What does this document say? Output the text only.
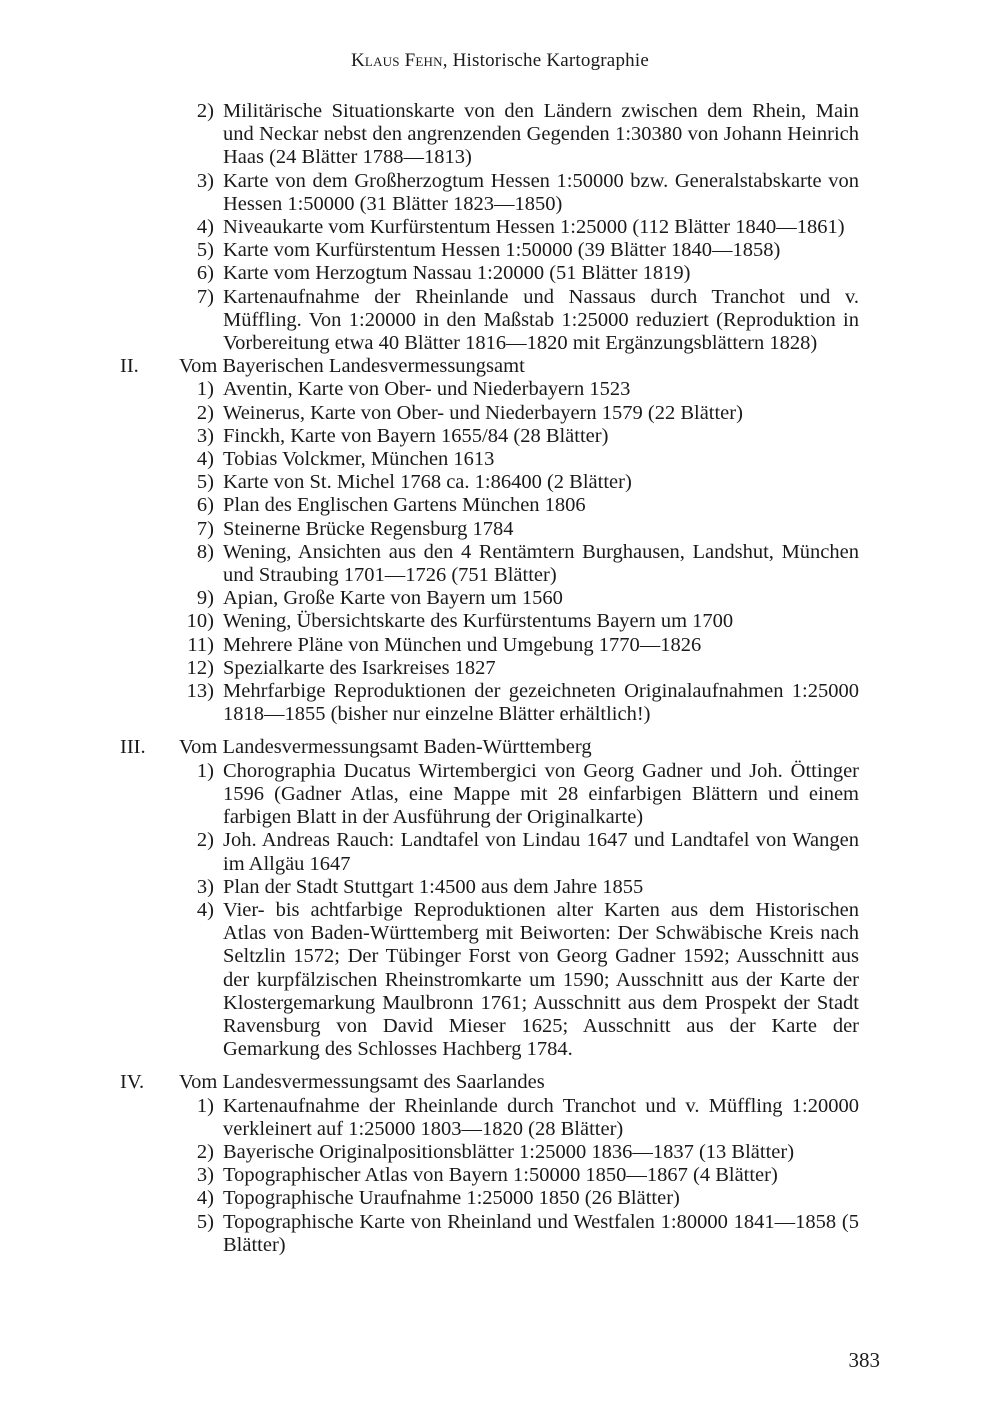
Klaus Fehn, Historische Kartographie
2) Militärische Situationskarte von den Ländern zwischen dem Rhein, Main und Neckar nebst den angrenzenden Gegenden 1:30380 von Johann Heinrich Haas (24 Blätter 1788—1813)
3) Karte von dem Großherzogtum Hessen 1:50000 bzw. Generalstabskarte von Hessen 1:50000 (31 Blätter 1823—1850)
4) Niveaukarte vom Kurfürstentum Hessen 1:25000 (112 Blätter 1840—1861)
5) Karte vom Kurfürstentum Hessen 1:50000 (39 Blätter 1840—1858)
6) Karte vom Herzogtum Nassau 1:20000 (51 Blätter 1819)
7) Kartenaufnahme der Rheinlande und Nassaus durch Tranchot und v. Müffling. Von 1:20000 in den Maßstab 1:25000 reduziert (Reproduktion in Vorbereitung etwa 40 Blätter 1816—1820 mit Ergänzungsblättern 1828)
II.	Vom Bayerischen Landesvermessungsamt
1) Aventin, Karte von Ober- und Niederbayern 1523
2) Weinerus, Karte von Ober- und Niederbayern 1579 (22 Blätter)
3) Finckh, Karte von Bayern 1655/84 (28 Blätter)
4) Tobias Volckmer, München 1613
5) Karte von St. Michel 1768 ca. 1:86400 (2 Blätter)
6) Plan des Englischen Gartens München 1806
7) Steinerne Brücke Regensburg 1784
8) Wening, Ansichten aus den 4 Rentämtern Burghausen, Landshut, München und Straubing 1701—1726 (751 Blätter)
9) Apian, Große Karte von Bayern um 1560
10) Wening, Übersichtskarte des Kurfürstentums Bayern um 1700
11) Mehrere Pläne von München und Umgebung 1770—1826
12) Spezialkarte des Isarkreises 1827
13) Mehrfarbige Reproduktionen der gezeichneten Originalaufnahmen 1:25000 1818—1855 (bisher nur einzelne Blätter erhältlich!)
III.	Vom Landesvermessungsamt Baden-Württemberg
1) Chorographia Ducatus Wirtembergici von Georg Gadner und Joh. Öttinger 1596 (Gadner Atlas, eine Mappe mit 28 einfarbigen Blättern und einem farbigen Blatt in der Ausführung der Originalkarte)
2) Joh. Andreas Rauch: Landtafel von Lindau 1647 und Landtafel von Wangen im Allgäu 1647
3) Plan der Stadt Stuttgart 1:4500 aus dem Jahre 1855
4) Vier- bis achtfarbige Reproduktionen alter Karten aus dem Historischen Atlas von Baden-Württemberg mit Beiworten: Der Schwäbische Kreis nach Seltzlin 1572; Der Tübinger Forst von Georg Gadner 1592; Ausschnitt aus der kurpfälzischen Rheinstromkarte um 1590; Ausschnitt aus der Karte der Klostergemarkung Maulbronn 1761; Ausschnitt aus dem Prospekt der Stadt Ravensburg von David Mieser 1625; Ausschnitt aus der Karte der Gemarkung des Schlosses Hachberg 1784.
IV.	Vom Landesvermessungsamt des Saarlandes
1) Kartenaufnahme der Rheinlande durch Tranchot und v. Müffling 1:20000 verkleinert auf 1:25000 1803—1820 (28 Blätter)
2) Bayerische Originalpositionsblätter 1:25000 1836—1837 (13 Blätter)
3) Topographischer Atlas von Bayern 1:50000 1850—1867 (4 Blätter)
4) Topographische Uraufnahme 1:25000 1850 (26 Blätter)
5) Topographische Karte von Rheinland und Westfalen 1:80000 1841—1858 (5 Blätter)
383
